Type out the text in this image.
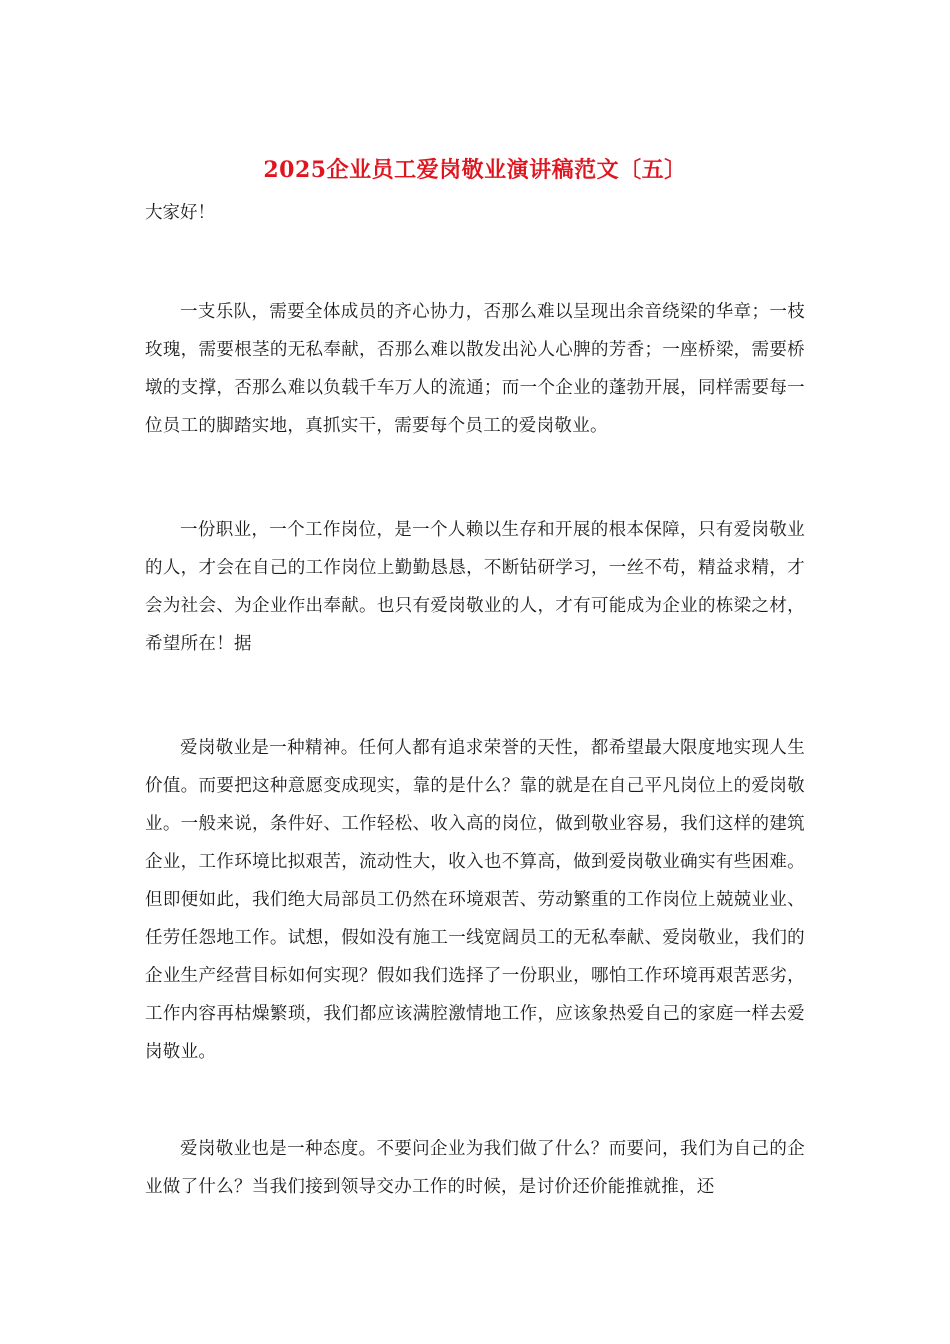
2025企业员工爱岗敬业演讲稿范文〔五〕
大家好！

一支乐队，需要全体成员的齐心协力，否那么难以呈现出余音绕梁的华章；一枝玫瑰，需要根茎的无私奉献，否那么难以散发出沁人心脾的芳香；一座桥梁，需要桥墩的支撑，否那么难以负载千车万人的流通；而一个企业的蓬勃开展，同样需要每一位员工的脚踏实地，真抓实干，需要每个员工的爱岗敬业。

一份职业，一个工作岗位，是一个人赖以生存和开展的根本保障，只有爱岗敬业的人，才会在自己的工作岗位上勤勤恳恳，不断钻研学习，一丝不苟，精益求精，才会为社会、为企业作出奉献。也只有爱岗敬业的人，才有可能成为企业的栋梁之材，希望所在！据

爱岗敬业是一种精神。任何人都有追求荣誉的天性，都希望最大限度地实现人生价值。而要把这种意愿变成现实，靠的是什么？靠的就是在自己平凡岗位上的爱岗敬业。一般来说，条件好、工作轻松、收入高的岗位，做到敬业容易，我们这样的建筑企业，工作环境比拟艰苦，流动性大，收入也不算高，做到爱岗敬业确实有些困难。但即便如此，我们绝大局部员工仍然在环境艰苦、劳动繁重的工作岗位上兢兢业业、任劳任怨地工作。试想，假如没有施工一线宽阔员工的无私奉献、爱岗敬业，我们的企业生产经营目标如何实现？假如我们选择了一份职业，哪怕工作环境再艰苦恶劣，工作内容再枯燥繁琐，我们都应该满腔激情地工作，应该象热爱自己的家庭一样去爱岗敬业。

爱岗敬业也是一种态度。不要问企业为我们做了什么？而要问，我们为自己的企业做了什么？当我们接到领导交办工作的时候，是讨价还价能推就推，还
